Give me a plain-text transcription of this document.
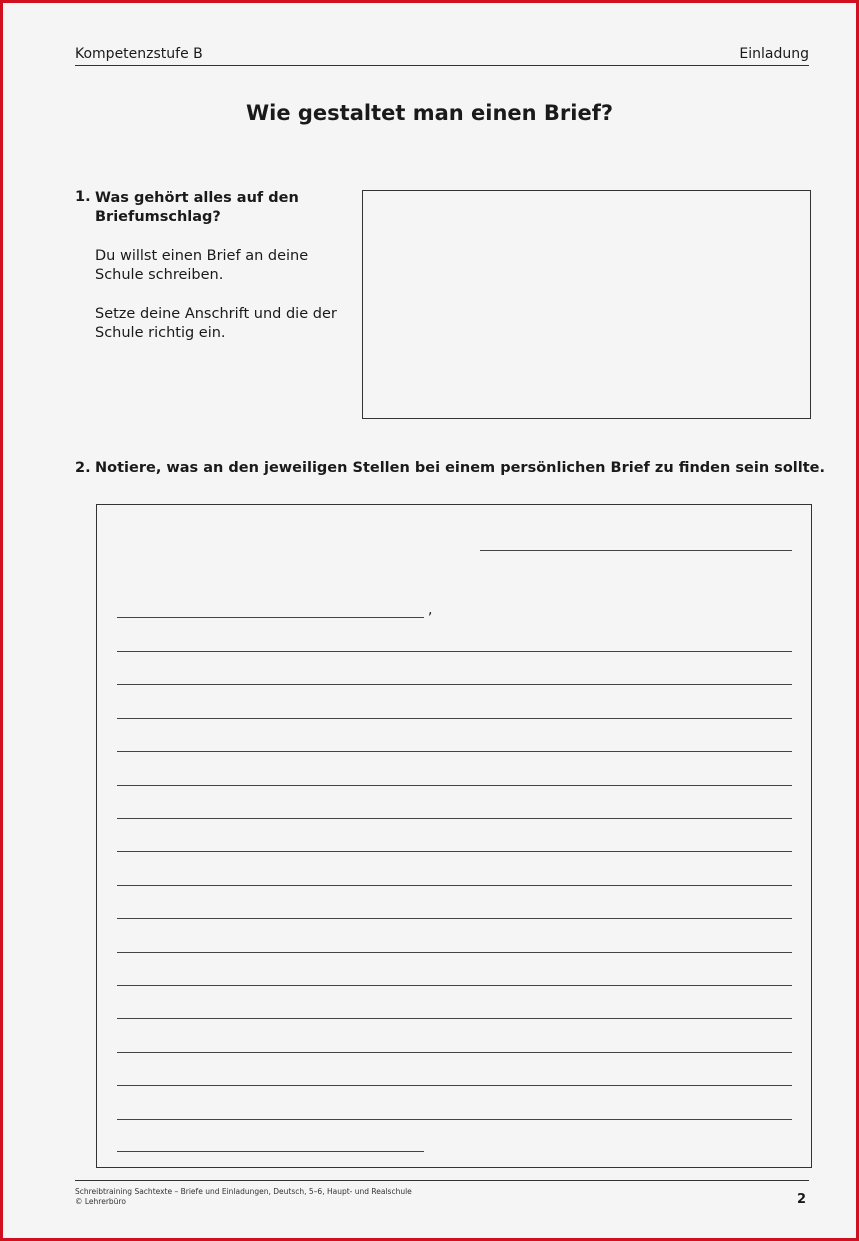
Kompetenzstufe B	Einladung
Wie gestaltet man einen Brief?
1. Was gehört alles auf den Briefumschlag?
Du willst einen Brief an deine Schule schreiben.
Setze deine Anschrift und die der Schule richtig ein.
2. Notiere, was an den jeweiligen Stellen bei einem persönlichen Brief zu finden sein sollte.
,
Schreibtraining Sachtexte – Briefe und Einladungen, Deutsch, 5–6, Haupt- und Realschule
© Lehrerbüro	2
